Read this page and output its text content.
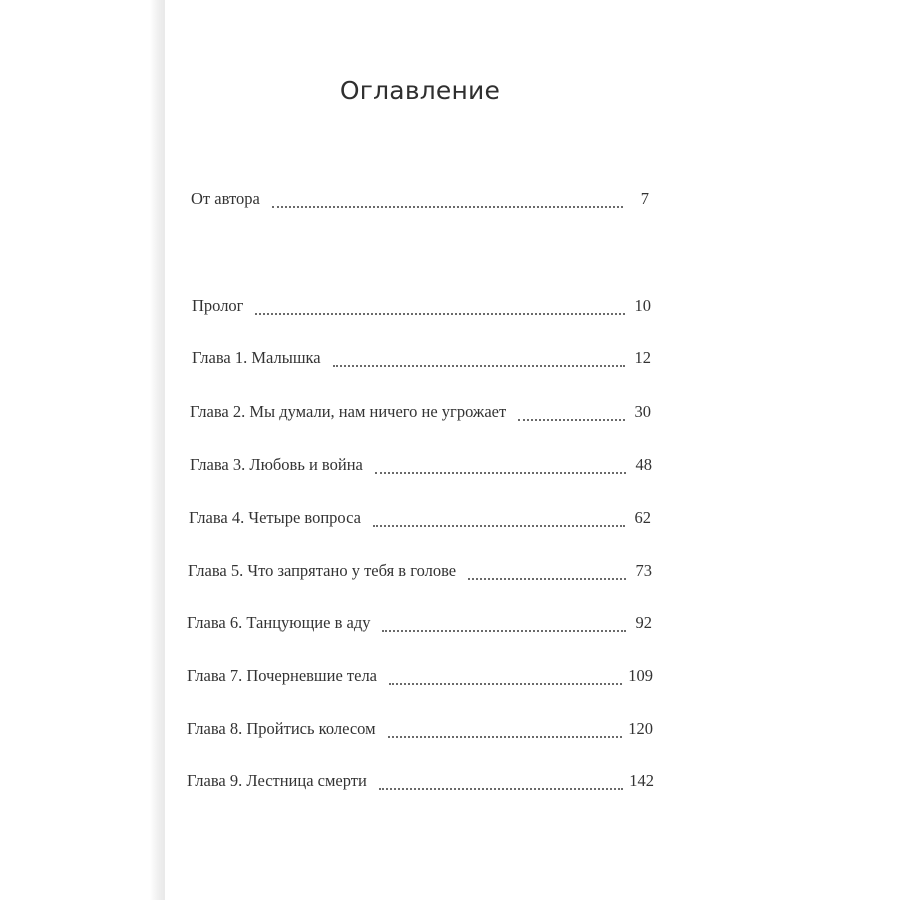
Оглавление
От автора	7
Пролог	10
Глава 1. Малышка	12
Глава 2. Мы думали, нам ничего не угрожает	30
Глава 3. Любовь и война	48
Глава 4. Четыре вопроса	62
Глава 5. Что запрятано у тебя в голове	73
Глава 6. Танцующие в аду	92
Глава 7. Почерневшие тела	109
Глава 8. Пройтись колесом	120
Глава 9. Лестница смерти	142
